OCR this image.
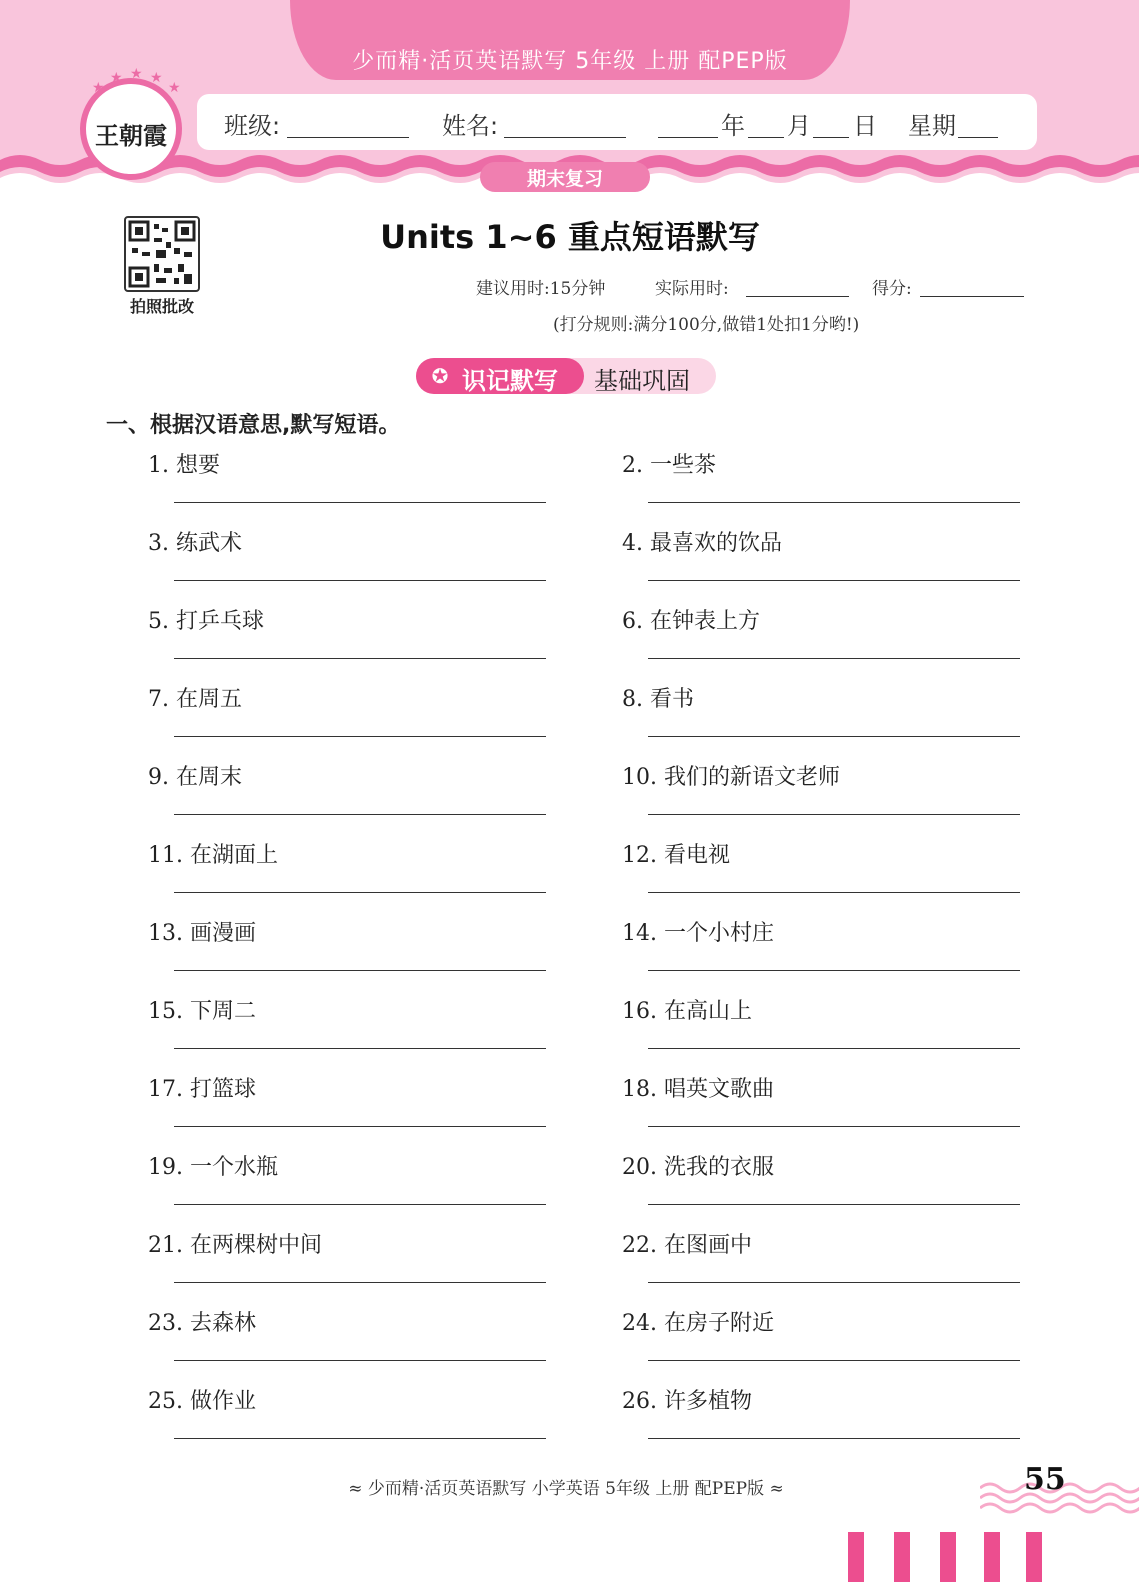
少而精·活页英语默写 5年级 上册 配PEP版
班级:	姓名:	年 月 日 星期
王朝霞
★
★ ★ ★
★
期末复习
拍照批改
Units 1~6 重点短语默写
建议用时:15分钟	实际用时:	得分:
(打分规则:满分100分,做错1处扣1分哟!)
✪ 识记默写 基础巩固
一、根据汉语意思,默写短语。
1. 想要	2. 一些茶
3. 练武术	4. 最喜欢的饮品
5. 打乒乓球	6. 在钟表上方
7. 在周五	8. 看书
9. 在周末	10. 我们的新语文老师
11. 在湖面上	12. 看电视
13. 画漫画	14. 一个小村庄
15. 下周二	16. 在高山上
17. 打篮球	18. 唱英文歌曲
19. 一个水瓶	20. 洗我的衣服
21. 在两棵树中间	22. 在图画中
23. 去森林	24. 在房子附近
25. 做作业	26. 许多植物
≈ 少而精·活页英语默写 小学英语 5年级 上册 配PEP版 ≈	55
